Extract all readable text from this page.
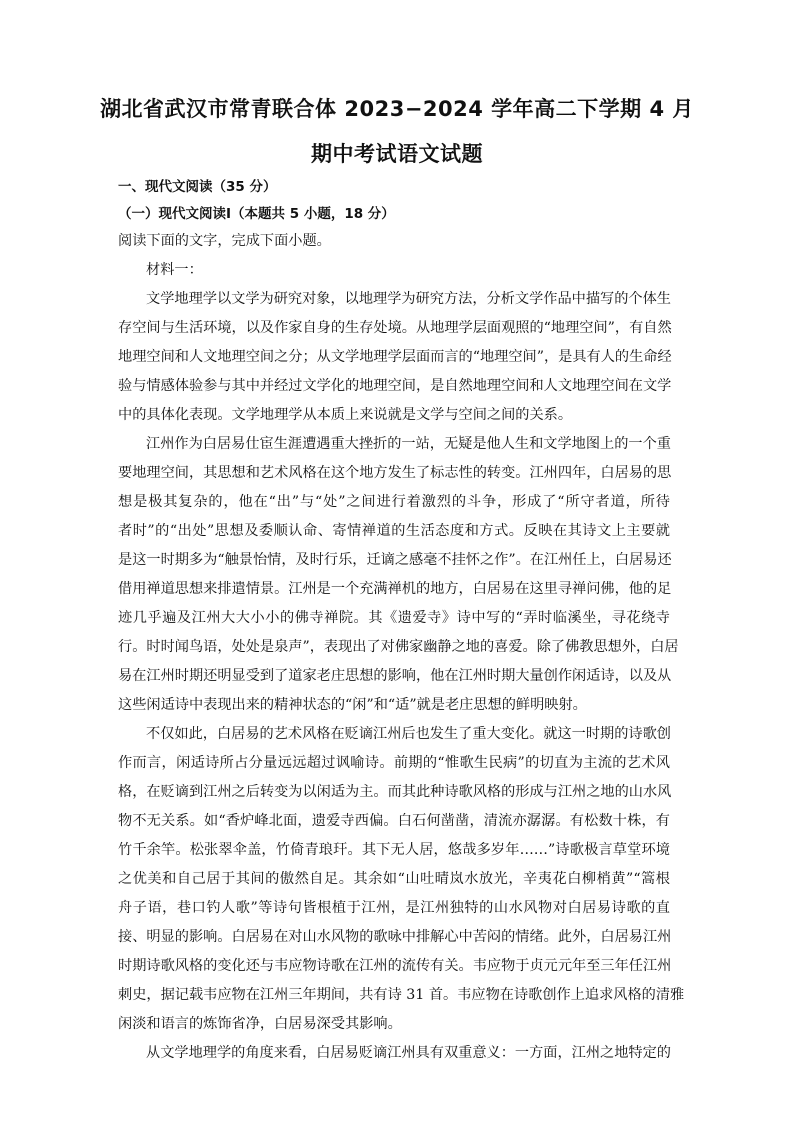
湖北省武汉市常青联合体 2023−2024 学年高二下学期 4 月
期中考试语文试题
一、现代文阅读（35 分）
（一）现代文阅读Ⅰ（本题共 5 小题，18 分）
阅读下面的文字，完成下面小题。
材料一：
文学地理学以文学为研究对象，以地理学为研究方法，分析文学作品中描写的个体生
存空间与生活环境，以及作家自身的生存处境。从地理学层面观照的“地理空间”，有自然
地理空间和人文地理空间之分；从文学地理学层面而言的“地理空间”，是具有人的生命经
验与情感体验参与其中并经过文学化的地理空间，是自然地理空间和人文地理空间在文学
中的具体化表现。文学地理学从本质上来说就是文学与空间之间的关系。
江州作为白居易仕宦生涯遭遇重大挫折的一站，无疑是他人生和文学地图上的一个重
要地理空间，其思想和艺术风格在这个地方发生了标志性的转变。江州四年，白居易的思
想是极其复杂的，他在“出”与“处”之间进行着激烈的斗争，形成了“所守者道，所待
者时”的“出处”思想及委顺认命、寄情禅道的生活态度和方式。反映在其诗文上主要就
是这一时期多为“触景怡情，及时行乐，迁谪之感毫不挂怀之作”。在江州任上，白居易还
借用禅道思想来排遣情景。江州是一个充满禅机的地方，白居易在这里寻禅问佛，他的足
迹几乎遍及江州大大小小的佛寺禅院。其《遗爱寺》诗中写的“弄时临溪坐，寻花绕寺
行。时时闻鸟语，处处是泉声”，表现出了对佛家幽静之地的喜爱。除了佛教思想外，白居
易在江州时期还明显受到了道家老庄思想的影响，他在江州时期大量创作闲适诗，以及从
这些闲适诗中表现出来的精神状态的“闲”和“适”就是老庄思想的鲜明映射。
不仅如此，白居易的艺术风格在贬谪江州后也发生了重大变化。就这一时期的诗歌创
作而言，闲适诗所占分量远远超过讽喻诗。前期的“惟歌生民病”的切直为主流的艺术风
格，在贬谪到江州之后转变为以闲适为主。而其此种诗歌风格的形成与江州之地的山水风
物不无关系。如“香炉峰北面，遗爱寺西偏。白石何凿凿，清流亦潺潺。有松数十株，有
竹千余竿。松张翠伞盖，竹倚青琅玕。其下无人居，悠哉多岁年……”诗歌极言草堂环境
之优美和自己居于其间的傲然自足。其余如“山吐晴岚水放光，辛夷花白柳梢黄”“篙根
舟子语，巷口钓人歌”等诗句皆根植于江州，是江州独特的山水风物对白居易诗歌的直
接、明显的影响。白居易在对山水风物的歌咏中排解心中苦闷的情绪。此外，白居易江州
时期诗歌风格的变化还与韦应物诗歌在江州的流传有关。韦应物于贞元元年至三年任江州
刺史，据记载韦应物在江州三年期间，共有诗 31 首。韦应物在诗歌创作上追求风格的清雅
闲淡和语言的炼饰省净，白居易深受其影响。
从文学地理学的角度来看，白居易贬谪江州具有双重意义：一方面，江州之地特定的
